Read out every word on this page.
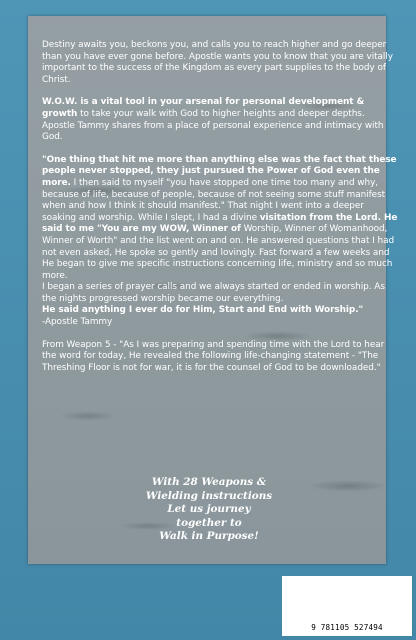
Destiny awaits you, beckons you, and calls you to reach higher and go deeper than you have ever gone before. Apostle wants you to know that you are vitally important to the success of the Kingdom as every part supplies to the body of Christ.

W.O.W. is a vital tool in your arsenal for personal development & growth to take your walk with God to higher heights and deeper depths. Apostle Tammy shares from a place of personal experience and intimacy with God.

"One thing that hit me more than anything else was the fact that these people never stopped, they just pursued the Power of God even the more. I then said to myself "you have stopped one time too many and why, because of life, because of people, because of not seeing some stuff manifest when and how I think it should manifest." That night I went into a deeper soaking and worship. While I slept, I had a divine visitation from the Lord. He said to me "You are my WOW, Winner of Worship, Winner of Womanhood, Winner of Worth" and the list went on and on. He answered questions that I had not even asked, He spoke so gently and lovingly. Fast forward a few weeks and He began to give me specific instructions concerning life, ministry and so much more.

I began a series of prayer calls and we always started or ended in worship. As the nights progressed worship became our everything.
He said anything I ever do for Him, Start and End with Worship."
-Apostle Tammy

From Weapon 5 - "As I was preparing and spending time with the Lord to hear the word for today, He revealed the following life-changing statement - "The Threshing Floor is not for war, it is for the counsel of God to be downloaded."

With 28 Weapons &
Wielding instructions
Let us journey
together to
Walk in Purpose!
9 781105 527494
